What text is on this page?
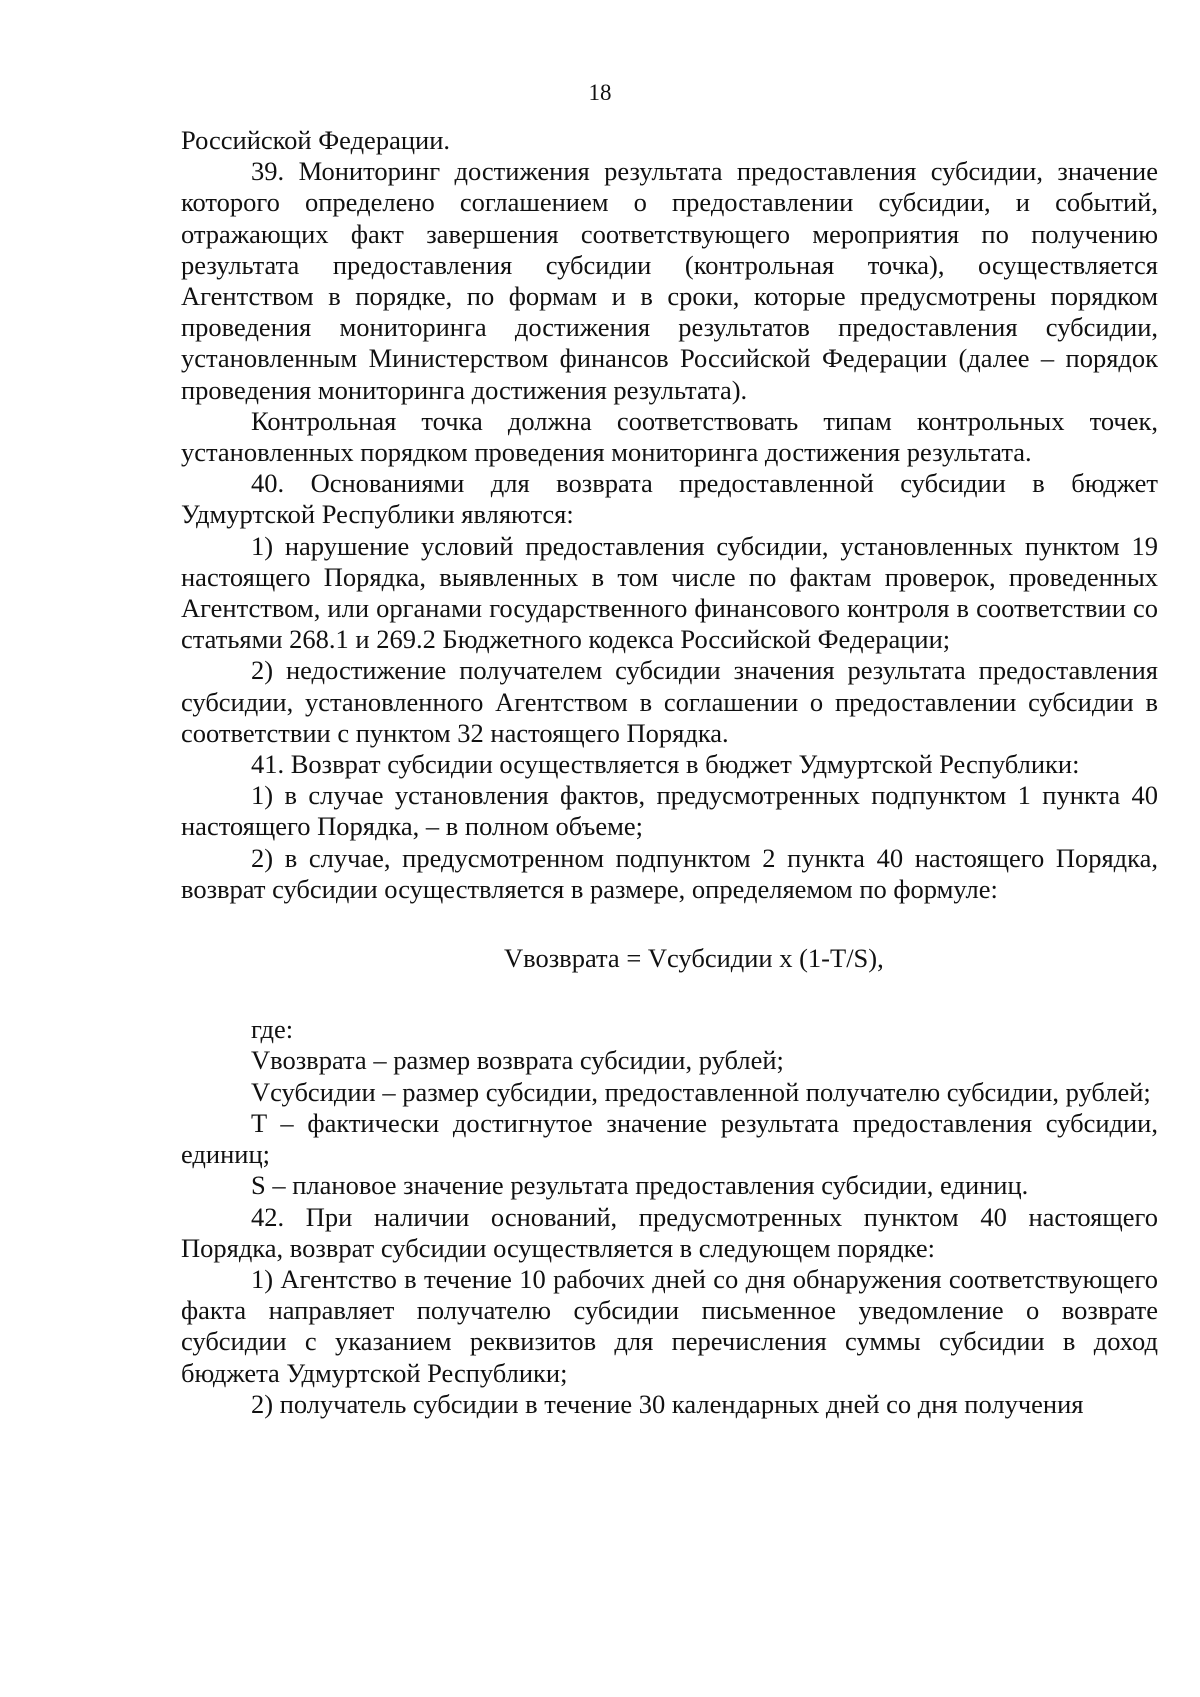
18

Российской Федерации.

39. Мониторинг достижения результата предоставления субсидии, значение которого определено соглашением о предоставлении субсидии, и событий, отражающих факт завершения соответствующего мероприятия по получению результата предоставления субсидии (контрольная точка), осуществляется Агентством в порядке, по формам и в сроки, которые предусмотрены порядком проведения мониторинга достижения результатов предоставления субсидии, установленным Министерством финансов Российской Федерации (далее – порядок проведения мониторинга достижения результата).

Контрольная точка должна соответствовать типам контрольных точек, установленных порядком проведения мониторинга достижения результата.

40. Основаниями для возврата предоставленной субсидии в бюджет Удмуртской Республики являются:

1) нарушение условий предоставления субсидии, установленных пунктом 19 настоящего Порядка, выявленных в том числе по фактам проверок, проведенных Агентством, или органами государственного финансового контроля в соответствии со статьями 268.1 и 269.2 Бюджетного кодекса Российской Федерации;

2) недостижение получателем субсидии значения результата предоставления субсидии, установленного Агентством в соглашении о предоставлении субсидии в соответствии с пунктом 32 настоящего Порядка.

41. Возврат субсидии осуществляется в бюджет Удмуртской Республики:

1) в случае установления фактов, предусмотренных подпунктом 1 пункта 40 настоящего Порядка, – в полном объеме;

2) в случае, предусмотренном подпунктом 2 пункта 40 настоящего Порядка, возврат субсидии осуществляется в размере, определяемом по формуле:

Vвозврата = Vсубсидии x (1-T/S),

где:

Vвозврата – размер возврата субсидии, рублей;

Vсубсидии – размер субсидии, предоставленной получателю субсидии, рублей;

T – фактически достигнутое значение результата предоставления субсидии, единиц;

S – плановое значение результата предоставления субсидии, единиц.

42. При наличии оснований, предусмотренных пунктом 40 настоящего Порядка, возврат субсидии осуществляется в следующем порядке:

1) Агентство в течение 10 рабочих дней со дня обнаружения соответствующего факта направляет получателю субсидии письменное уведомление о возврате субсидии с указанием реквизитов для перечисления суммы субсидии в доход бюджета Удмуртской Республики;

2) получатель субсидии в течение 30 календарных дней со дня получения
